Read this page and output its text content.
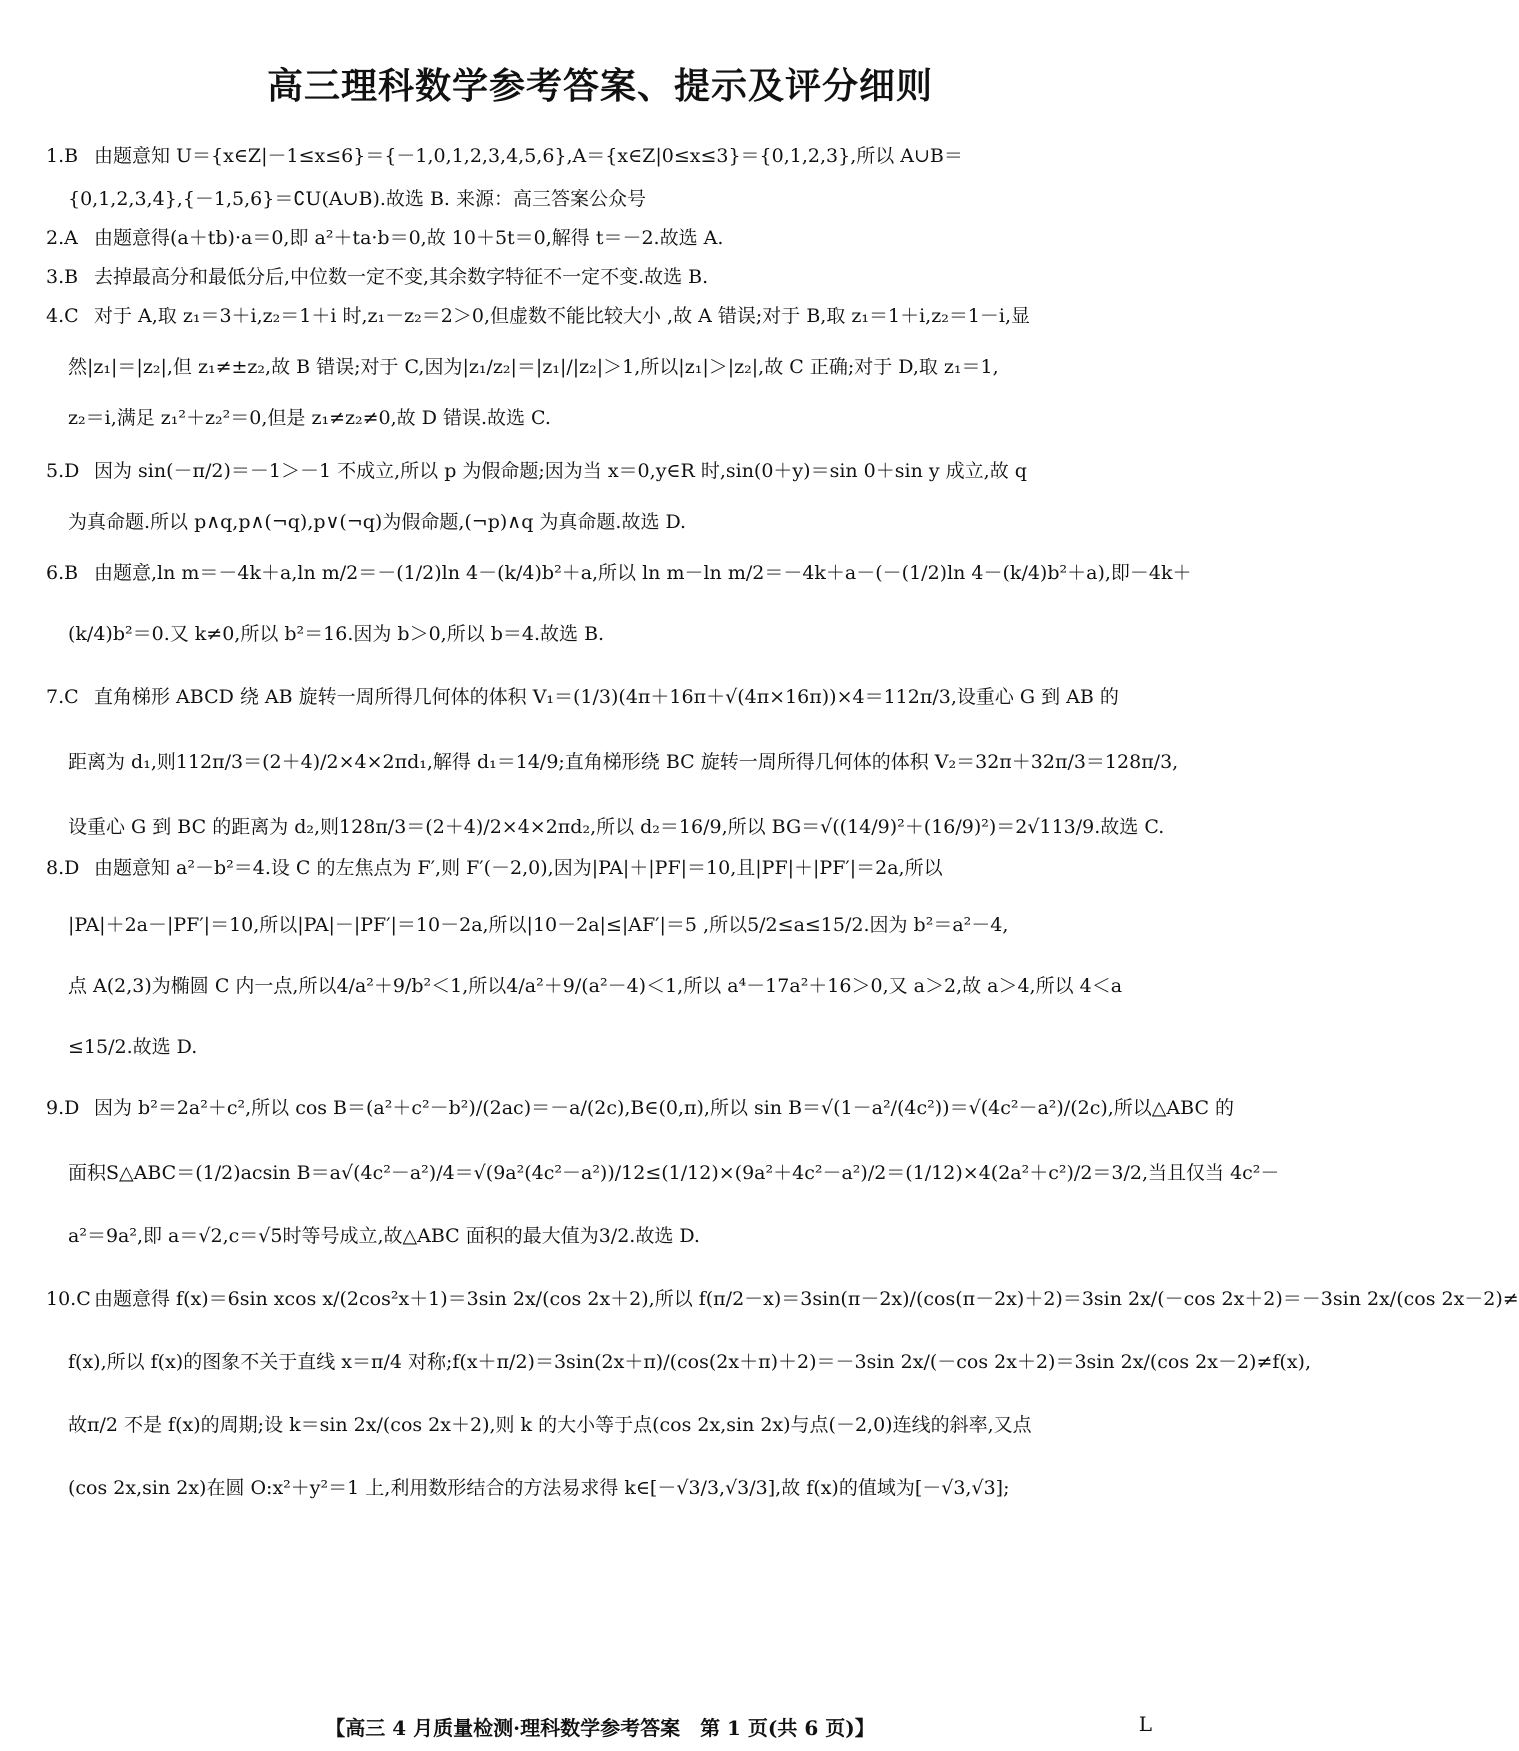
高三理科数学参考答案、提示及评分细则
1.B 由题意知 U＝{x∈Z|－1≤x≤6}＝{－1,0,1,2,3,4,5,6},A＝{x∈Z|0≤x≤3}＝{0,1,2,3},所以 A∪B＝
{0,1,2,3,4},{－1,5,6}＝∁U(A∪B).故选 B. 来源：高三答案公众号
2.A 由题意得(a＋tb)·a＝0,即 a²＋ta·b＝0,故 10＋5t＝0,解得 t＝－2.故选 A.
3.B 去掉最高分和最低分后,中位数一定不变,其余数字特征不一定不变.故选 B.
4.C 对于 A,取 z₁＝3＋i,z₂＝1＋i 时,z₁－z₂＝2＞0,但虚数不能比较大小 ,故 A 错误;对于 B,取 z₁＝1＋i,z₂＝1－i,显
然|z₁|＝|z₂|,但 z₁≠±z₂,故 B 错误;对于 C,因为|z₁/z₂|＝|z₁|/|z₂|＞1,所以|z₁|＞|z₂|,故 C 正确;对于 D,取 z₁＝1,
z₂＝i,满足 z₁²＋z₂²＝0,但是 z₁≠z₂≠0,故 D 错误.故选 C.
5.D 因为 sin(－π/2)＝－1＞－1 不成立,所以 p 为假命题;因为当 x＝0,y∈R 时,sin(0＋y)＝sin 0＋sin y 成立,故 q
为真命题.所以 p∧q,p∧(¬q),p∨(¬q)为假命题,(¬p)∧q 为真命题.故选 D.
6.B 由题意,ln m＝－4k＋a,ln m/2＝－(1/2)ln 4－(k/4)b²＋a,所以 ln m－ln m/2＝－4k＋a－(－(1/2)ln 4－(k/4)b²＋a),即－4k＋
(k/4)b²＝0.又 k≠0,所以 b²＝16.因为 b＞0,所以 b＝4.故选 B.
7.C 直角梯形 ABCD 绕 AB 旋转一周所得几何体的体积 V₁＝(1/3)(4π＋16π＋√(4π×16π))×4＝112π/3,设重心 G 到 AB 的
距离为 d₁,则112π/3＝(2＋4)/2×4×2πd₁,解得 d₁＝14/9;直角梯形绕 BC 旋转一周所得几何体的体积 V₂＝32π＋32π/3＝128π/3,
设重心 G 到 BC 的距离为 d₂,则128π/3＝(2＋4)/2×4×2πd₂,所以 d₂＝16/9,所以 BG＝√((14/9)²＋(16/9)²)＝2√113/9.故选 C.
8.D 由题意知 a²－b²＝4.设 C 的左焦点为 F′,则 F′(－2,0),因为|PA|＋|PF|＝10,且|PF|＋|PF′|＝2a,所以
|PA|＋2a－|PF′|＝10,所以|PA|－|PF′|＝10－2a,所以|10－2a|≤|AF′|＝5 ,所以5/2≤a≤15/2.因为 b²＝a²－4,
点 A(2,3)为椭圆 C 内一点,所以4/a²＋9/b²＜1,所以4/a²＋9/(a²－4)＜1,所以 a⁴－17a²＋16＞0,又 a＞2,故 a＞4,所以 4＜a
≤15/2.故选 D.
9.D 因为 b²＝2a²＋c²,所以 cos B＝(a²＋c²－b²)/(2ac)＝－a/(2c),B∈(0,π),所以 sin B＝√(1－a²/(4c²))＝√(4c²－a²)/(2c),所以△ABC 的
面积S△ABC＝(1/2)acsin B＝a√(4c²－a²)/4＝√(9a²(4c²－a²))/12≤(1/12)×(9a²＋4c²－a²)/2＝(1/12)×4(2a²＋c²)/2＝3/2,当且仅当 4c²－
a²＝9a²,即 a＝√2,c＝√5时等号成立,故△ABC 面积的最大值为3/2.故选 D.
10.C 由题意得 f(x)＝6sin xcos x/(2cos²x＋1)＝3sin 2x/(cos 2x＋2),所以 f(π/2－x)＝3sin(π－2x)/(cos(π－2x)＋2)＝3sin 2x/(－cos 2x＋2)＝－3sin 2x/(cos 2x－2)≠
f(x),所以 f(x)的图象不关于直线 x＝π/4 对称;f(x＋π/2)＝3sin(2x＋π)/(cos(2x＋π)＋2)＝－3sin 2x/(－cos 2x＋2)＝3sin 2x/(cos 2x－2)≠f(x),
故π/2 不是 f(x)的周期;设 k＝sin 2x/(cos 2x＋2),则 k 的大小等于点(cos 2x,sin 2x)与点(－2,0)连线的斜率,又点
(cos 2x,sin 2x)在圆 O:x²＋y²＝1 上,利用数形结合的方法易求得 k∈[－√3/3,√3/3],故 f(x)的值域为[－√3,√3];
【高三 4 月质量检测·理科数学参考答案　第 1 页(共 6 页)】	L
